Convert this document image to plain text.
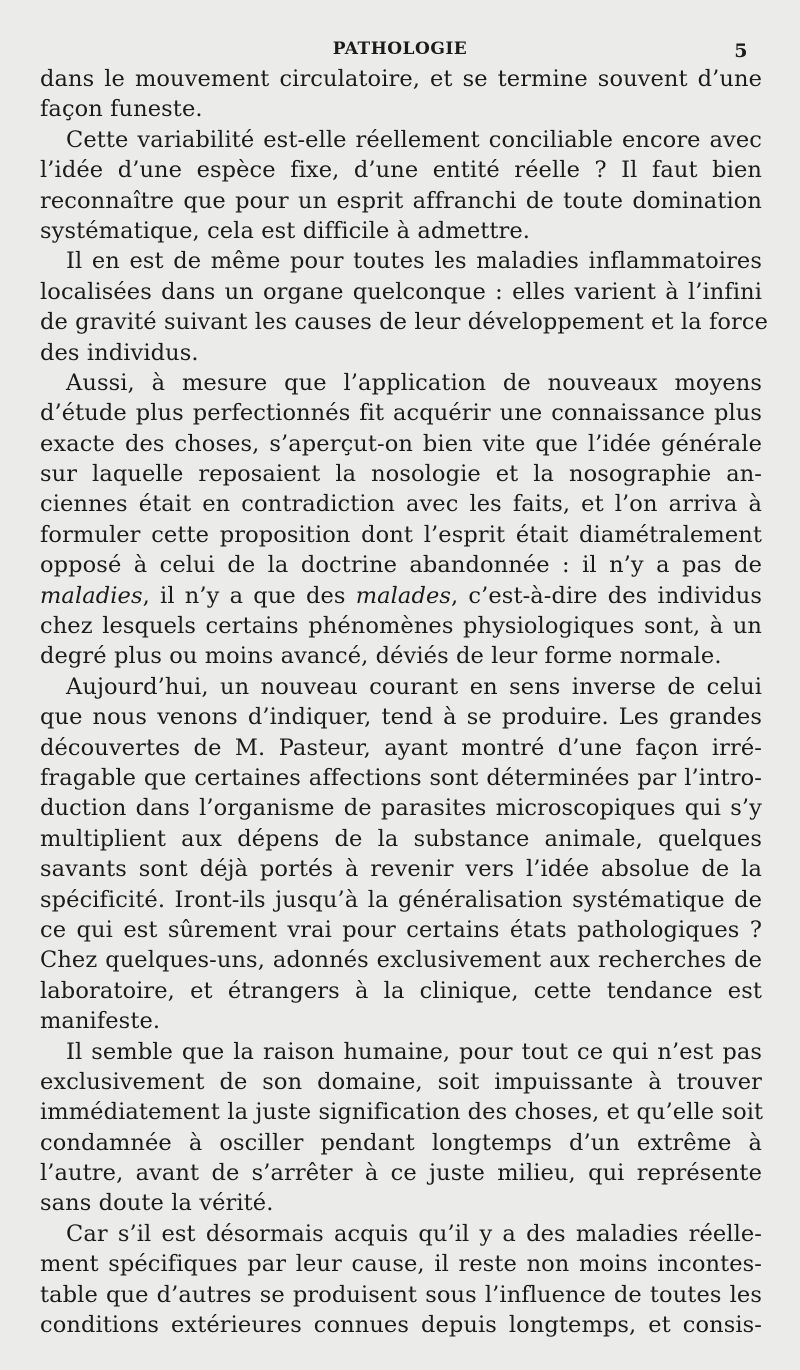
PATHOLOGIE	5
dans le mouvement circulatoire, et se termine souvent d’une
façon funeste.
Cette variabilité est-elle réellement conciliable encore avec
l’idée d’une espèce fixe, d’une entité réelle ? Il faut bien
reconnaître que pour un esprit affranchi de toute domination
systématique, cela est difficile à admettre.
Il en est de même pour toutes les maladies inflammatoires
localisées dans un organe quelconque : elles varient à l’infini
de gravité suivant les causes de leur développement et la force
des individus.
Aussi, à mesure que l’application de nouveaux moyens
d’étude plus perfectionnés fit acquérir une connaissance plus
exacte des choses, s’aperçut-on bien vite que l’idée générale
sur laquelle reposaient la nosologie et la nosographie an-
ciennes était en contradiction avec les faits, et l’on arriva à
formuler cette proposition dont l’esprit était diamétralement
opposé à celui de la doctrine abandonnée : il n’y a pas de
maladies, il n’y a que des malades, c’est-à-dire des individus
chez lesquels certains phénomènes physiologiques sont, à un
degré plus ou moins avancé, déviés de leur forme normale.
Aujourd’hui, un nouveau courant en sens inverse de celui
que nous venons d’indiquer, tend à se produire. Les grandes
découvertes de M. Pasteur, ayant montré d’une façon irré-
fragable que certaines affections sont déterminées par l’intro-
duction dans l’organisme de parasites microscopiques qui s’y
multiplient aux dépens de la substance animale, quelques
savants sont déjà portés à revenir vers l’idée absolue de la
spécificité. Iront-ils jusqu’à la généralisation systématique de
ce qui est sûrement vrai pour certains états pathologiques ?
Chez quelques-uns, adonnés exclusivement aux recherches de
laboratoire, et étrangers à la clinique, cette tendance est
manifeste.
Il semble que la raison humaine, pour tout ce qui n’est pas
exclusivement de son domaine, soit impuissante à trouver
immédiatement la juste signification des choses, et qu’elle soit
condamnée à osciller pendant longtemps d’un extrême à
l’autre, avant de s’arrêter à ce juste milieu, qui représente
sans doute la vérité.
Car s’il est désormais acquis qu’il y a des maladies réelle-
ment spécifiques par leur cause, il reste non moins incontes-
table que d’autres se produisent sous l’influence de toutes les
conditions extérieures connues depuis longtemps, et consis-
